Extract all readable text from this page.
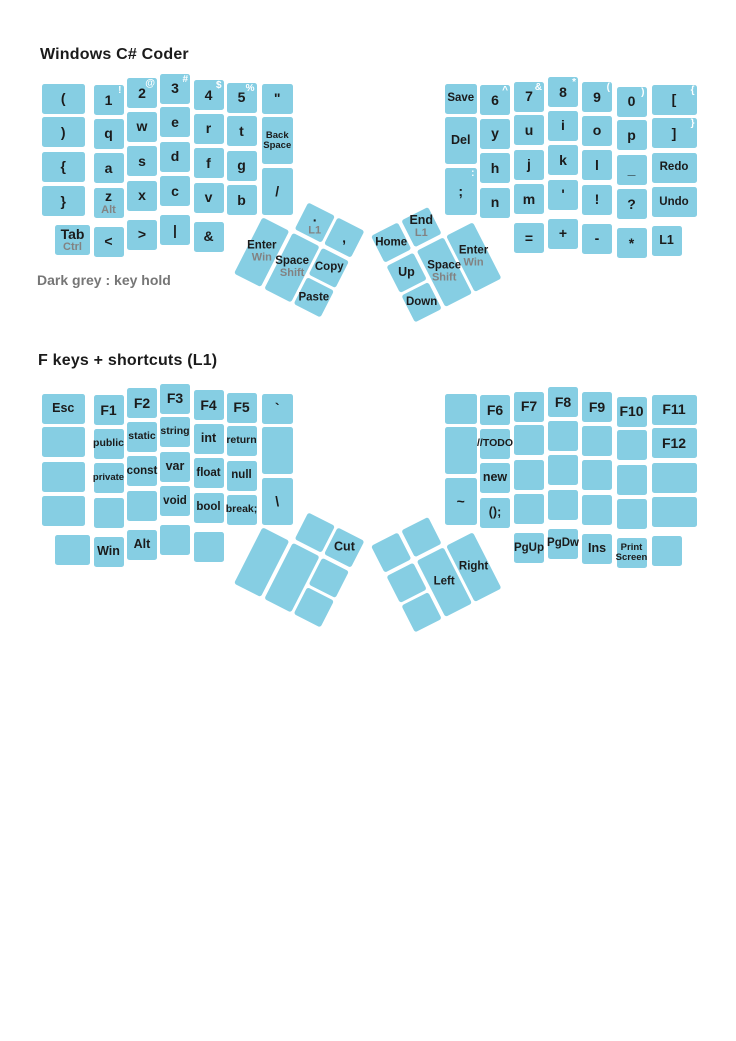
Windows C# Coder
Dark grey : key hold
F keys + shortcuts (L1)
(
)
{
}
!
1
q
a
z
Alt
<
@
2
w
s
x
>
#
3
e
d
c
|
$
4
r
f
v
&
%
5
t
g
b
"
Back Space
/
Tab
Ctrl
^
6
y
h
n
&
7
u
j
m
=
*
8
i
k
'
+
(
9
o
l
!
-
)
0
p
_
?
*
{
[
}
]
Redo
Undo
L1
Save
Del
:
;
.
L1 ,
Enter
Win Space
Shift Copy
Paste
Home
End
L1
Up
Down
Space
Shift
Enter
Win
Esc F1
public
private
Win
F2
static
const
Alt
F3
string
var
void
F4
int
float
bool
F5
return
null
break;
`
\
F6
//TODO
new
();
F7
PgUp
F8
PgDw
F9
Ins
F10
Print Screen
F11
F12
~
Cut
Left
Right
